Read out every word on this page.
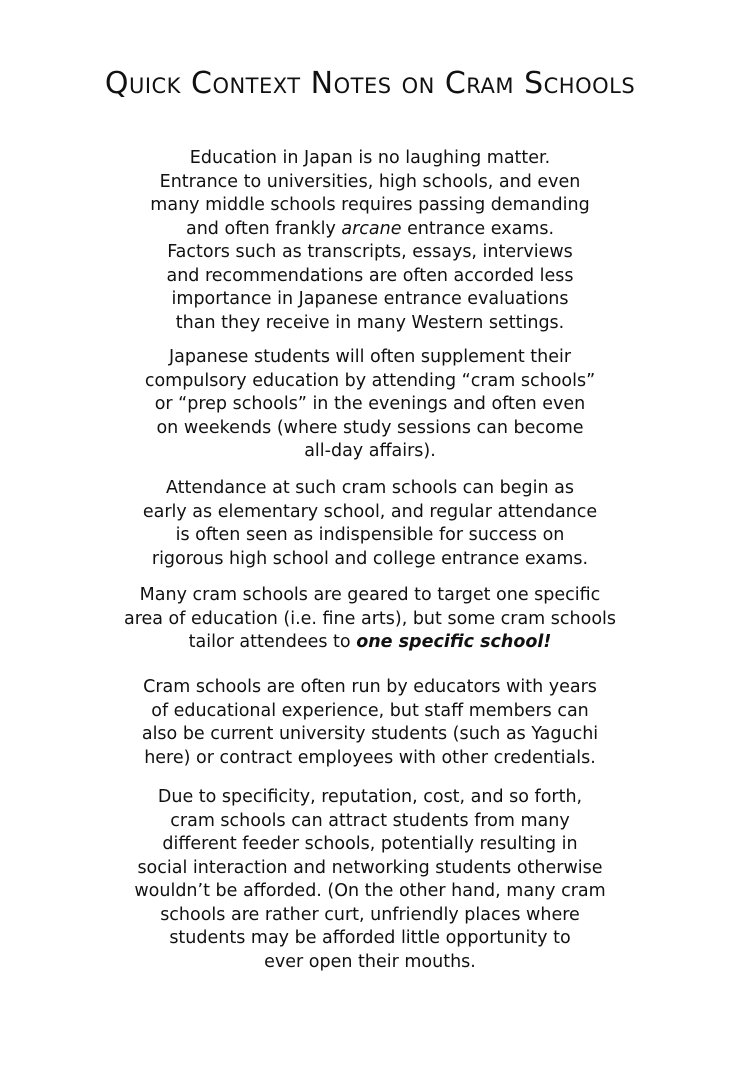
Quick Context Notes on Cram Schools
Education in Japan is no laughing matter.
Entrance to universities, high schools, and even
many middle schools requires passing demanding
and often frankly arcane entrance exams.
Factors such as transcripts, essays, interviews
and recommendations are often accorded less
importance in Japanese entrance evaluations
than they receive in many Western settings.
Japanese students will often supplement their
compulsory education by attending “cram schools”
or “prep schools” in the evenings and often even
on weekends (where study sessions can become
all-day affairs).
Attendance at such cram schools can begin as
early as elementary school, and regular attendance
is often seen as indispensible for success on
rigorous high school and college entrance exams.
Many cram schools are geared to target one specific
area of education (i.e. fine arts), but some cram schools
tailor attendees to one specific school!
Cram schools are often run by educators with years
of educational experience, but staff members can
also be current university students (such as Yaguchi
here) or contract employees with other credentials.
Due to specificity, reputation, cost, and so forth,
cram schools can attract students from many
different feeder schools, potentially resulting in
social interaction and networking students otherwise
wouldn’t be afforded. (On the other hand, many cram
schools are rather curt, unfriendly places where
students may be afforded little opportunity to
ever open their mouths.
